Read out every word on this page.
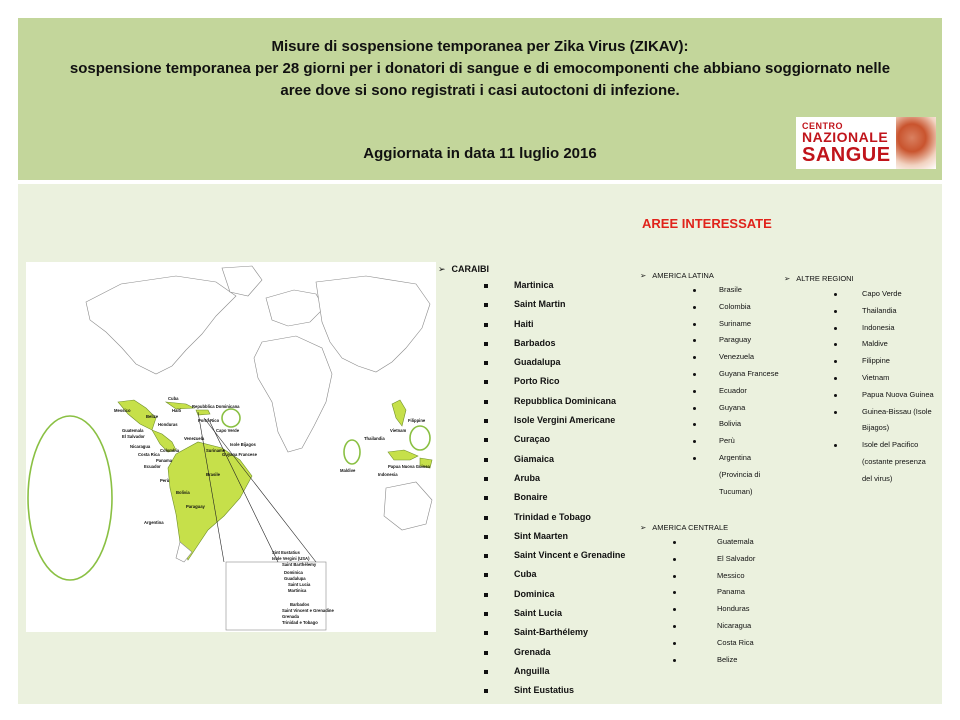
Misure di sospensione temporanea per Zika Virus (ZIKAV):
sospensione temporanea per 28 giorni per i donatori di sangue e di emocomponenti che abbiano soggiornato nelle
aree dove si sono registrati i casi autoctoni di infezione.
Aggiornata in data 11 luglio 2016
CENTRO
NAZIONALE
SANGUE
AREE INTERESSATE
Messico
Cuba
Haiti
Repubblica Dominicana
Porto Rico
Belize
Honduras
Guatemala
El Salvador
Nicaragua
Costa Rica
Panama
Venezuela
Colombia
Ecuador
Perù
Bolivia
Brasile
Paraguay
Argentina
Suriname
Guyana Francese
Capo Verde
Isole Bijagos
Maldive
Thailandia
Filippine
Vietnam
Indonesia
Papua Nuova Guinea
Sint Eustatius
Isole Vergini (USA)
Saint Barthélemy
Dominica
Guadalupa
Saint Lucia
Martinica
Barbados
Saint Vincent e Grenadine
Grenada
Trinidad e Tobago
➢ CARAIBI
Martinica
Saint Martin
Haiti
Barbados
Guadalupa
Porto Rico
Repubblica Dominicana
Isole Vergini Americane
Curaçao
Giamaica
Aruba
Bonaire
Trinidad e Tobago
Sint Maarten
Saint Vincent e Grenadine
Cuba
Dominica
Saint Lucia
Saint-Barthélemy
Grenada
Anguilla
Sint Eustatius
➢ AMERICA LATINA
Brasile
Colombia
Suriname
Paraguay
Venezuela
Guyana Francese
Ecuador
Guyana
Bolivia
Perù
Argentina
(Provincia di
Tucuman)
➢ AMERICA CENTRALE
Guatemala
El Salvador
Messico
Panama
Honduras
Nicaragua
Costa Rica
Belize
➢ ALTRE REGIONI
Capo Verde
Thailandia
Indonesia
Maldive
Filippine
Vietnam
Papua Nuova Guinea
Guinea-Bissau (Isole
Bijagos)
Isole del Pacifico
(costante presenza
del virus)
